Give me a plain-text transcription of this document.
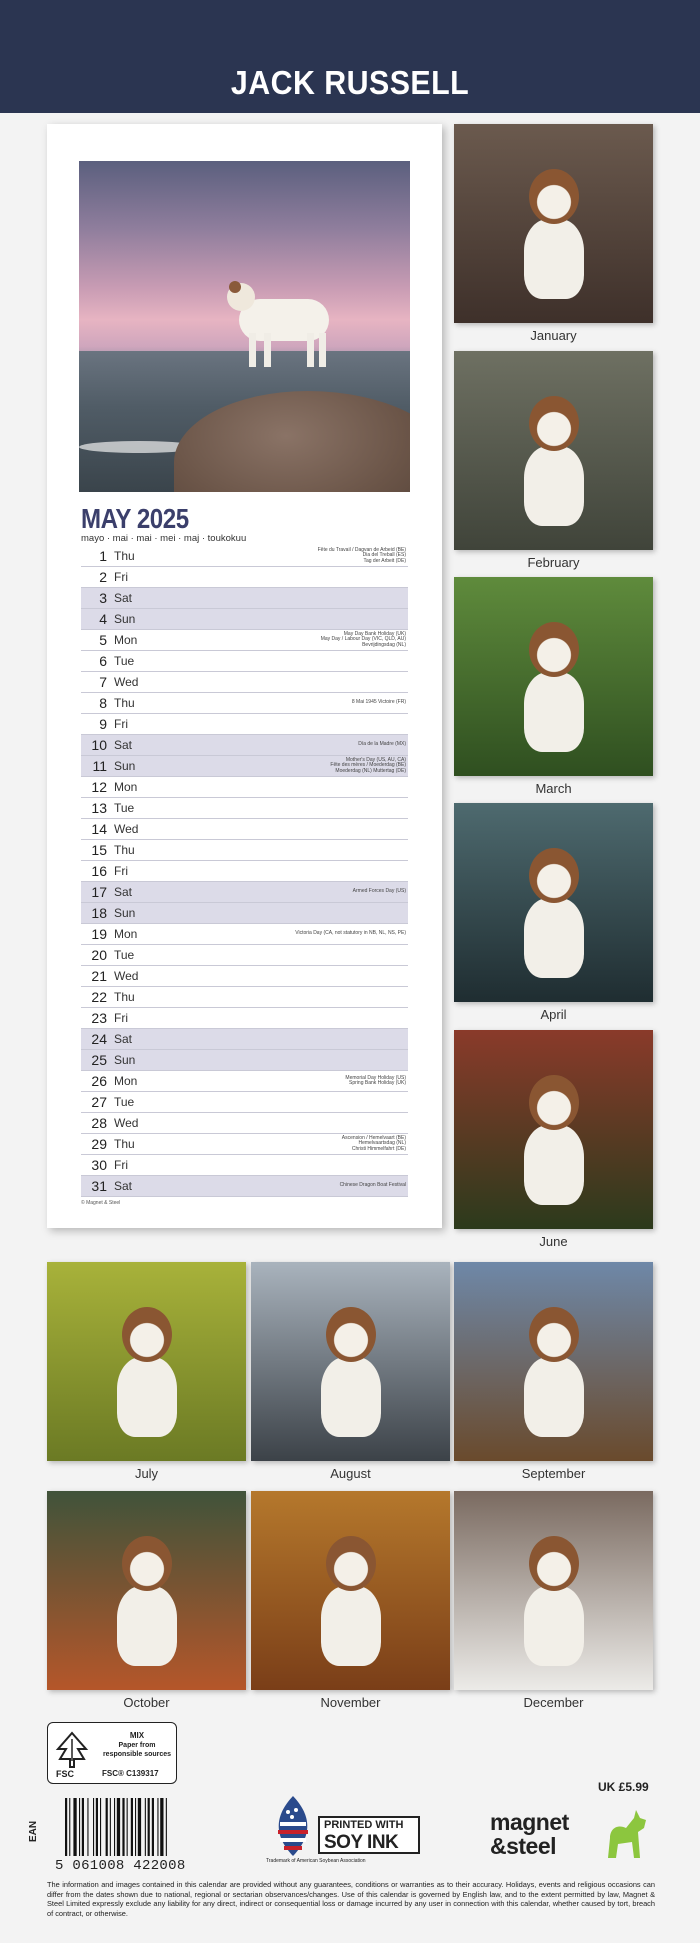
JACK RUSSELL
MAY 2025
mayo · mai · mai · mei · maj · toukokuu
1 Thu	Fête du Travail / Dagvan de Arbeid (BE)
Dia del Treball (ES)
Tag der Arbeit (DE)
2 Fri
3 Sat
4 Sun
5 Mon	May Day Bank Holiday (UK)
May Day / Labour Day (VIC, QLD, AU)
Bevrijdingsdag (NL)
6 Tue
7 Wed
8 Thu	8 Mai 1945 Victoire (FR)
9 Fri
10 Sat	Día de la Madre (MX)
11 Sun	Mother's Day (US, AU, CA)
Fête des mères / Moederdag (BE)
Moederdag (NL) Muttertag (DE)
12 Mon
13 Tue
14 Wed
15 Thu
16 Fri
17 Sat	Armed Forces Day (US)
18 Sun
19 Mon	Victoria Day (CA, not statutory in NB, NL, NS, PE)
20 Tue
21 Wed
22 Thu
23 Fri
24 Sat
25 Sun
26 Mon	Memorial Day Holiday (US)
Spring Bank Holiday (UK)
27 Tue
28 Wed
29 Thu	Ascension / Hemelvaart (BE)
Hemelvaartsdag (NL)
Christi Himmelfahrt (DE)
30 Fri
31 Sat	Chinese Dragon Boat Festival
© Magnet & Steel
January
February
March
April
June
July	August	September
October	November	December
FSC
MIX
Paper from responsible sources
FSC® C139317
EAN
5 061008 422008
PRINTED WITH
SOY INK
Trademark of American Soybean Association
UK £5.99
magnet
&steel
The information and images contained in this calendar are provided without any guarantees, conditions or warranties as to their accuracy. Holidays, events and religious occasions can differ from the dates shown due to national, regional or sectarian observances/changes. Use of this calendar is governed by English law, and to the extent permitted by law, Magnet & Steel Limited expressly exclude any liability for any direct, indirect or consequential loss or damage incurred by any user in connection with this calendar, whether caused by tort, breach of contract, or otherwise.
